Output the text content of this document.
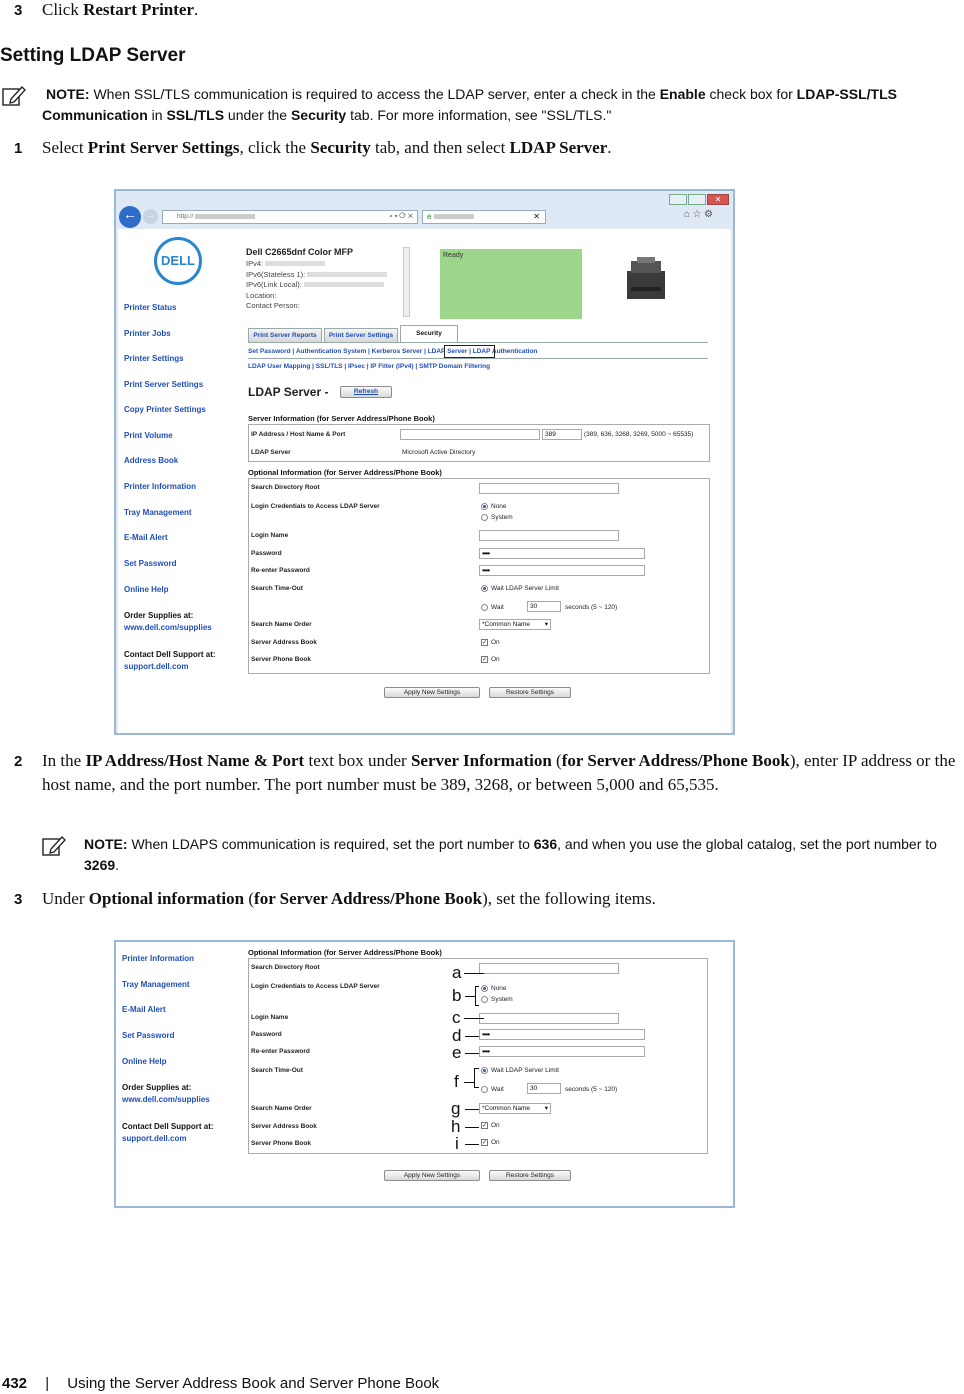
3 Click Restart Printer.
Setting LDAP Server
NOTE: When SSL/TLS communication is required to access the LDAP server, enter a check in the Enable check box for LDAP-SSL/TLS Communication in SSL/TLS under the Security tab. For more information, see "SSL/TLS."
1 Select Print Server Settings, click the Security tab, and then select LDAP Server.
✕
← →	http://	⌕ ▾ ⟳ ✕	e	✕	⌂ ☆ ⚙
DELL
Printer Status
Printer Jobs
Printer Settings
Print Server Settings
Copy Printer Settings
Print Volume
Address Book
Printer Information
Tray Management
E-Mail Alert
Set Password
Online Help
Order Supplies at:
www.dell.com/supplies
Contact Dell Support at:
support.dell.com
Dell C2665dnf Color MFP
IPv4:
IPv6(Stateless 1):
IPv6(Link Local):
Location:
Contact Person:
Ready
Print Server Reports	Print Server Settings	Security
Set Password | Authentication System | Kerberos Server | LDAP Server | LDAP Authentication
LDAP User Mapping | SSL/TLS | IPsec | IP Filter (IPv4) | SMTP Domain Filtering
LDAP Server -	Refresh
Server Information (for Server Address/Phone Book)
IP Address / Host Name & Port	389	(389, 636, 3268, 3269, 5000 ~ 65535)
LDAP Server	Microsoft Active Directory
Optional Information (for Server Address/Phone Book)
Search Directory Root
Login Credentials to Access LDAP Server	None
System
Login Name
Password	••••
Re-enter Password	••••
Search Time-Out	Wait LDAP Server Limit
Wait	30	seconds (5 ~ 120)
Search Name Order	*Common Name ▾
Server Address Book	✓ On
Server Phone Book	✓ On
Apply New Settings	Restore Settings
2 In the IP Address/Host Name & Port text box under Server Information (for Server Address/Phone Book), enter IP address or the host name, and the port number. The port number must be 389, 3268, or between 5,000 and 65,535.
NOTE: When LDAPS communication is required, set the port number to 636, and when you use the global catalog, set the port number to 3269.
3 Under Optional information (for Server Address/Phone Book), set the following items.
Printer Information
Tray Management
E-Mail Alert
Set Password
Online Help
Order Supplies at:
www.dell.com/supplies
Contact Dell Support at:
support.dell.com
Optional Information (for Server Address/Phone Book)
Search Directory Root
Login Credentials to Access LDAP Server	None
System
Login Name
Password	••••
Re-enter Password	••••
Search Time-Out	Wait LDAP Server Limit
Wait	30	seconds (5 ~ 120)
Search Name Order	*Common Name ▾
Server Address Book	✓ On
Server Phone Book	✓ On
Apply New Settings	Restore Settings
a
b
c
d
e
f
g
h
i
432 | Using the Server Address Book and Server Phone Book
